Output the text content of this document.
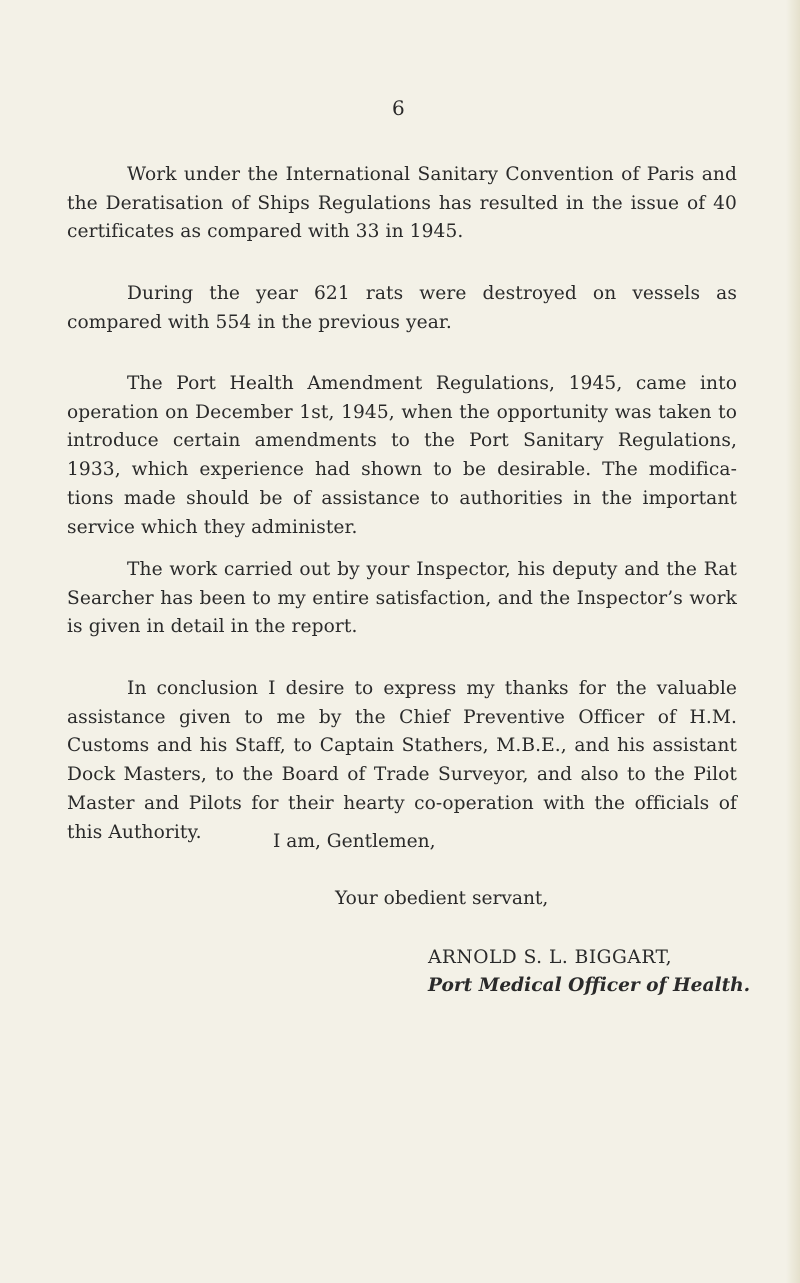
6

Work under the International Sanitary Convention of Paris and the Deratisation of Ships Regulations has resulted in the issue of 40 certificates as compared with 33 in 1945.

During the year 621 rats were destroyed on vessels as compared with 554 in the previous year.

The Port Health Amendment Regulations, 1945, came into operation on December 1st, 1945, when the opportunity was taken to introduce certain amendments to the Port Sanitary Regulations, 1933, which experience had shown to be desirable. The modifica- tions made should be of assistance to authorities in the important service which they administer.

The work carried out by your Inspector, his deputy and the Rat Searcher has been to my entire satisfaction, and the Inspector’s work is given in detail in the report.

In conclusion I desire to express my thanks for the valuable assistance given to me by the Chief Preventive Officer of H.M. Customs and his Staff, to Captain Stathers, M.B.E., and his assistant Dock Masters, to the Board of Trade Surveyor, and also to the Pilot Master and Pilots for their hearty co-operation with the officials of this Authority.	I am, Gentlemen,
Your obedient servant,
ARNOLD S. L. BIGGART,
Port Medical Officer of Health.
